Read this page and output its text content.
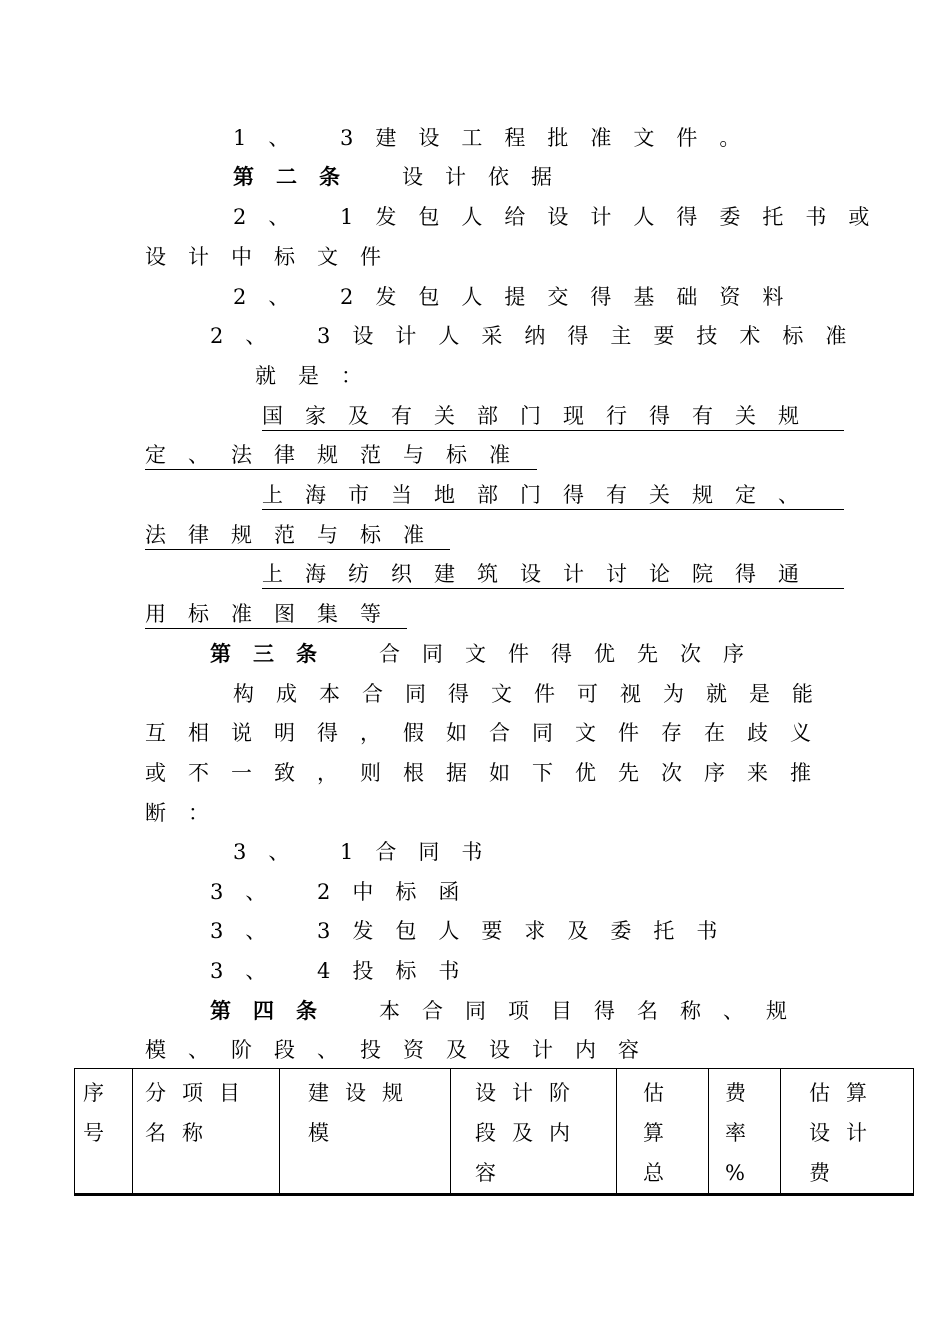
1、 3建设工程批准文件。
第二条 设计依据
2、 1发包人给设计人得委托书或
设计中标文件
2、 2发包人提交得基础资料
2、 3设计人采纳得主要技术标准
就是：
国家及有关部门现行得有关规
定、法律规范与标准
上海市当地部门得有关规定、
法律规范与标准
上海纺织建筑设计讨论院得通
用标准图集等
第三条 合同文件得优先次序
构成本合同得文件可视为就是能
互相说明得，假如合同文件存在歧义
或不一致，则根据如下优先次序来推
断：
3、 1合同书
3、 2中标函
3、 3发包人要求及委托书
3、 4投标书
第四条 本合同项目得名称、规
模、阶段、投资及设计内容
序
号

分项目
名称

建设规
模

设计阶
段及内
容

估
算
总

费
率
%

估算
设计
费
